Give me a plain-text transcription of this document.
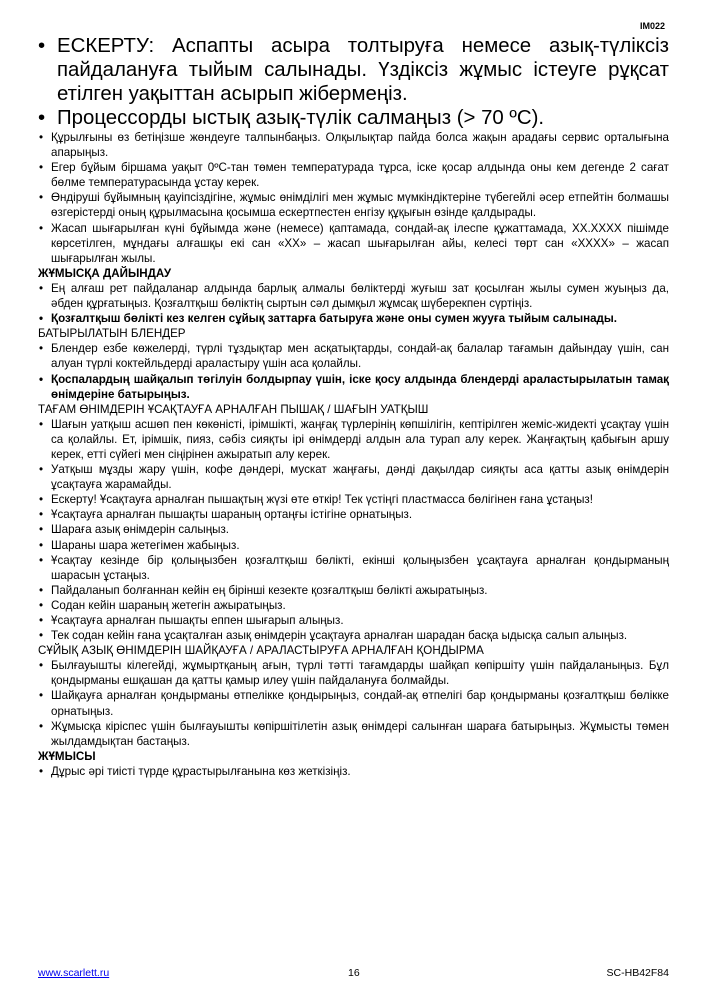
IM022
• ЕСКЕРТУ: Аспапты асыра толтыруға немесе азық-түліксіз пайдалануға тыйым салынады. Үздіксіз жұмыс істеуге рұқсат етілген уақыттан асырып жібермеңіз.
• Процессорды ыстық азық-түлік салмаңыз (> 70 ºС).
• Құрылғыны өз бетіңізше жөндеуге талпынбаңыз. Олқылықтар пайда болса жақын арадағы сервис орталығына апарыңыз.
• Егер бұйым біршама уақыт 0ºС-тан төмен температурада тұрса, іске қосар алдында оны кем дегенде 2 сағат бөлме температурасында ұстау керек.
• Өндіруші бұйымның қауіпсіздігіне, жұмыс өнімділігі мен жұмыс мүмкіндіктеріне түбегейлі әсер етпейтін болмашы өзгерістерді оның құрылмасына қосымша ескертпестен енгізу құқығын өзінде қалдырады.
• Жасап шығарылған күні бұйымда және (немесе) қаптамада, сондай-ақ ілеспе құжаттамада, XX.XXXX пішімде көрсетілген, мұндағы алғашқы екі сан «XX» – жасап шығарылған айы, келесі төрт сан «XXXX» – жасап шығарылған жылы.
ЖҰМЫСҚА ДАЙЫНДАУ
• Ең алғаш рет пайдаланар алдында барлық алмалы бөліктерді жуғыш зат қосылған жылы сумен жуыңыз да, әбден құрғатыңыз. Қозғалтқыш бөліктің сыртын сәл дымқыл жұмсақ шүберекпен сүртіңіз.
• Қозғалтқыш бөлікті кез келген сұйық заттарға батыруға және оны сумен жууға тыйым салынады.

БАТЫРЫЛАТЫН БЛЕНДЕР

• Блендер езбе көжелерді, түрлі тұздықтар мен асқатықтарды, сондай-ақ балалар тағамын дайындау үшін, сан алуан түрлі коктейльдерді араластыру үшін аса қолайлы.
• Қоспалардың шайқалып төгілуін болдырпау үшін, іске қосу алдында блендерді араластырылатын тамақ өнімдеріне батырыңыз.

ТАҒАМ ӨНІМДЕРІН ҰСАҚТАУҒА АРНАЛҒАН ПЫШАҚ / ШАҒЫН УАТҚЫШ

• Шағын уатқыш асшөп пен көкөністі, ірімшікті, жаңғақ түрлерінің көпшілігін, кептірілген жеміс-жидекті ұсақтау үшін са қолайлы. Ет, ірімшік, пияз, сәбіз сияқты ірі өнімдерді алдын ала турап алу керек. Жаңғақтың қабығын аршу керек, етті сүйегі мен сіңірінен ажыратып алу керек.
• Уатқыш мұзды жару үшін, кофе дәндері, мускат жаңғағы, дәнді дақылдар сияқты аса қатты азық өнімдерін ұсақтауға жарамайды.
• Ескерту! Ұсақтауға арналған пышақтың жүзі өте өткір! Тек үстіңгі пластмасса бөлігінен ғана ұстаңыз!
• Ұсақтауға арналған пышақты шараның ортаңғы істігіне орнатыңыз.
• Шараға азық өнімдерін салыңыз.
• Шараны шара жетегімен жабыңыз.
• Ұсақтау кезінде бір қолыңызбен қозғалтқыш бөлікті, екінші қолыңызбен ұсақтауға арналған қондырманың шарасын ұстаңыз.
• Пайдаланып болғаннан кейін ең бірінші кезекте қозғалтқыш бөлікті ажыратыңыз.
• Содан кейін шараның жетегін ажыратыңыз.
• Ұсақтауға арналған пышақты еппен шығарып алыңыз.
• Тек содан кейін ғана ұсақталған азық өнімдерін ұсақтауға арналған шарадан басқа ыдысқа салып алыңыз.

СҰЙЫҚ АЗЫҚ ӨНІМДЕРІН ШАЙҚАУҒА / АРАЛАСТЫРУҒА АРНАЛҒАН ҚОНДЫРМА

• Былғауышты кілегейді, жұмыртқаның ағын, түрлі тәтті тағамдарды шайқап көпіршіту үшін пайдаланыңыз. Бұл қондырманы ешқашан да қатты қамыр илеу үшін пайдалануға болмайды.
• Шайқауға арналған қондырманы өтпелікке қондырыңыз, сондай-ақ өтпелігі бар қондырманы қозғалтқыш бөлікке орнатыңыз.
• Жұмысқа кіріспес үшін былғауышты көпіршітілетін азық өнімдері салынған шараға батырыңыз. Жұмысты төмен жылдамдықтан бастаңыз.
ЖҰМЫСЫ
• Дұрыс әрі тиісті түрде құрастырылғанына көз жеткізіңіз.
www.scarlett.ru	16	SC-HB42F84
